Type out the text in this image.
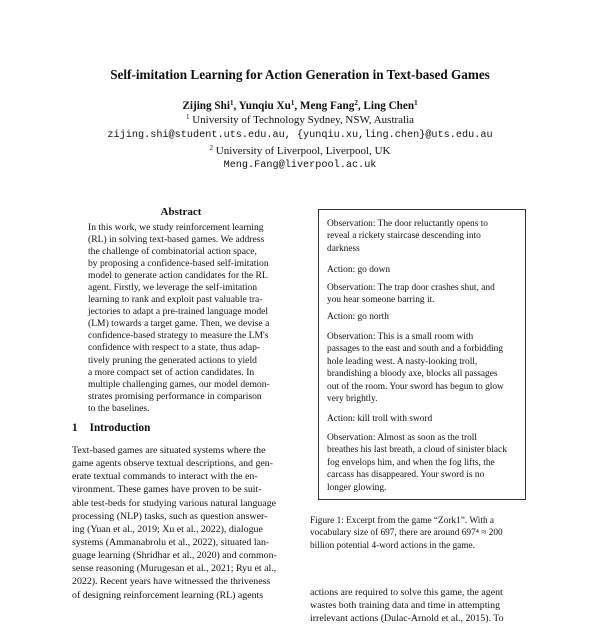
Self-imitation Learning for Action Generation in Text-based Games
Zijing Shi$^1$, Yunqiu Xu$^1$, Meng Fang$^2$, Ling Chen$^1$
$^1$ University of Technology Sydney, NSW, Australia
zijing.shi@student.uts.edu.au, {yunqiu.xu,ling.chen}@uts.edu.au
$^2$ University of Liverpool, Liverpool, UK
Meng.Fang@liverpool.ac.uk
Abstract
In this work, we study reinforcement learning
(RL) in solving text-based games. We address
the challenge of combinatorial action space,
by proposing a confidence-based self-imitation
model to generate action candidates for the RL
agent. Firstly, we leverage the self-imitation
learning to rank and exploit past valuable tra-
jectories to adapt a pre-trained language model
(LM) towards a target game. Then, we devise a
confidence-based strategy to measure the LM's
confidence with respect to a state, thus adap-
tively pruning the generated actions to yield
a more compact set of action candidates. In
multiple challenging games, our model demon-
strates promising performance in comparison
to the baselines.
1 Introduction
Text-based games are situated systems where the
game agents observe textual descriptions, and gen-
erate textual commands to interact with the en-
vironment. These games have proven to be suit-
able test-beds for studying various natural language
processing (NLP) tasks, such as question answer-
ing (Yuan et al., 2019; Xu et al., 2022), dialogue
systems (Ammanabrolu et al., 2022), situated lan-
guage learning (Shridhar et al., 2020) and common-
sense reasoning (Murugesan et al., 2021; Ryu et al.,
2022). Recent years have witnessed the thriveness
of designing reinforcement learning (RL) agents
Observation: The door reluctantly opens to
reveal a rickety staircase descending into
darkness
Action: go down
Observation: The trap door crashes shut, and
you hear someone barring it.
Action: go north
Observation: This is a small room with
passages to the east and south and a forbidding
hole leading west. A nasty-looking troll,
brandishing a bloody axe, blocks all passages
out of the room. Your sword has begun to glow
very brightly.
Action: kill troll with sword
Observation: Almost as soon as the troll
breathes his last breath, a cloud of sinister black
fog envelops him, and when the fog lifts, the
carcass has disappeared. Your sword is no
longer glowing.
Figure 1: Excerpt from the game “Zork1”. With a
vocabulary size of 697, there are around 697⁴ ≈ 200
billion potential 4-word actions in the game.
actions are required to solve this game, the agent
wastes both training data and time in attempting
irrelevant actions (Dulac-Arnold et al., 2015). To
